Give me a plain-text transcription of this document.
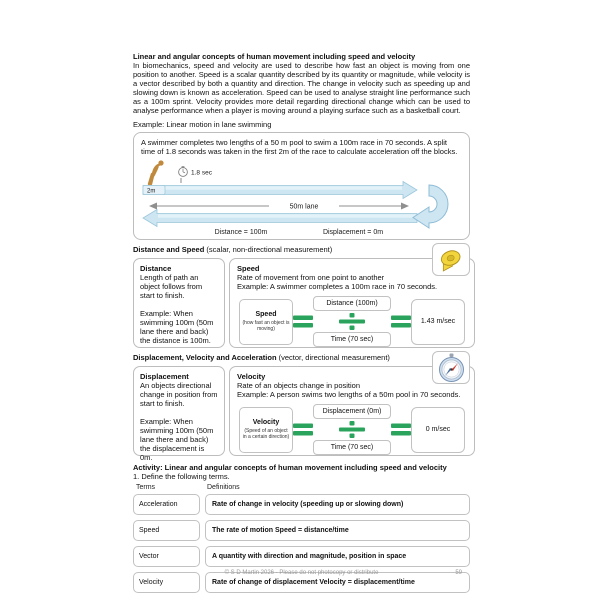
Linear and angular concepts of human movement including speed and velocity
In biomechanics, speed and velocity are used to describe how fast an object is moving from one position to another. Speed is a scalar quantity described by its quantity or magnitude, while velocity is a vector described by both a quantity and direction. The change in velocity such as speeding up and slowing down is known as acceleration. Speed can be used to analyse straight line performance such as a 100m sprint. Velocity provides more detail regarding directional change which can be used to analyse performance when a player is moving around a playing surface such as a basketball court.
Example: Linear motion in lane swimming
A swimmer completes two lengths of a 50 m pool to swim a 100m race in 70 seconds. A split time of 1.8 seconds was taken in the first 2m of the race to calculate acceleration off the blocks.
1.8 sec
2m
50m lane
Distance = 100m	Displacement = 0m
Distance and Speed (scalar, non-directional measurement)
Distance
Length of path an object follows from start to finish.
Example: When swimming 100m (50m lane there and back) the distance is 100m.
Speed
Rate of movement from one point to another
Example: A swimmer completes a 100m race in 70 seconds.
Speed
(how fast an object is moving)	$\frac{\text{Distance (100m)}}{\text{Time (70 sec)}}$	1.43 m/sec
Displacement, Velocity and Acceleration (vector, directional measurement)
Displacement
An objects directional change in position from start to finish.
Example: When swimming 100m (50m lane there and back) the displacement is 0m.
Velocity
Rate of an objects change in position
Example: A person swims two lengths of a 50m pool in 70 seconds.
Velocity
(Speed of an object in a certain direction)	$\frac{\text{Displacement (0m)}}{\text{Time (70 sec)}}$	0 m/sec
Activity: Linear and angular concepts of human movement including speed and velocity
1. Define the following terms.
Terms	Definitions
Acceleration	Rate of change in velocity (speeding up or slowing down)
Speed	The rate of motion Speed = distance/time
Vector	A quantity with direction and magnitude, position in space
Velocity	Rate of change of displacement Velocity = displacement/time
© S D Martin 2026 - Please do not photocopy or distribute	59
